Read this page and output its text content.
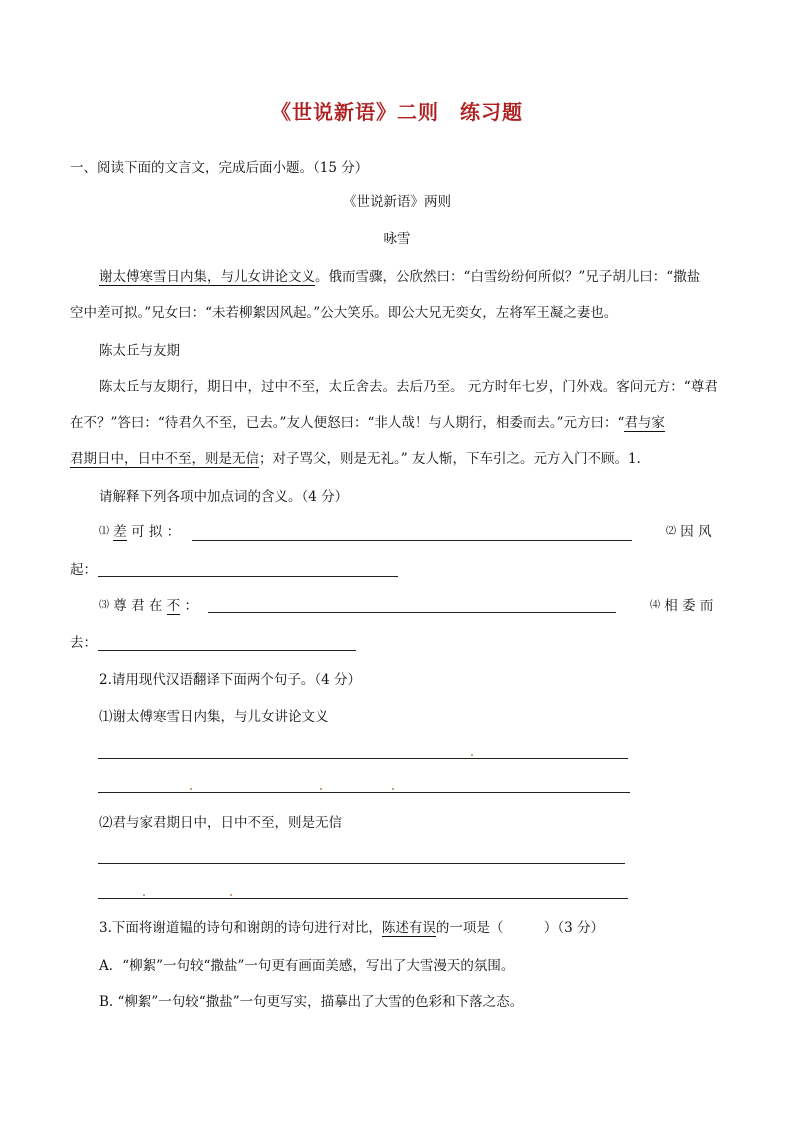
《世说新语》二则　练习题
一、阅读下面的文言文，完成后面小题。（15 分）
《世说新语》两则
咏雪
谢太傅寒雪日内集，与儿女讲论文义。俄而雪骤，公欣然曰：“白雪纷纷何所似？”兄子胡儿曰：“撒盐
空中差可拟。”兄女曰：“未若柳絮因风起。”公大笑乐。即公大兄无奕女，左将军王凝之妻也。
陈太丘与友期
陈太丘与友期行，期日中，过中不至，太丘舍去。去后乃至。 元方时年七岁，门外戏。客问元方：“尊君
在不？”答曰：“待君久不至，已去。”友人便怒曰：“非人哉！与人期行，相委而去。”元方曰：“君与家
君期日中，日中不至，则是无信；对子骂父，则是无礼。” 友人惭，下车引之。元方入门不顾。1.
请解释下列各项中加点词的含义。（4 分）
⑴ 差 可 拟 ：	⑵ 因 风
起：
⑶ 尊 君 在 不 ：	⑷ 相 委 而
去：
2.请用现代汉语翻译下面两个句子。（4 分）
⑴谢太傅寒雪日内集，与儿女讲论文义
⑵君与家君期日中，日中不至，则是无信
3.下面将谢道韫的诗句和谢朗的诗句进行对比，陈述有误的一项是（　　　）（3 分）
A．“柳絮”一句较“撒盐”一句更有画面美感，写出了大雪漫天的氛围。
B. “柳絮”一句较“撒盐”一句更写实，描摹出了大雪的色彩和下落之态。
